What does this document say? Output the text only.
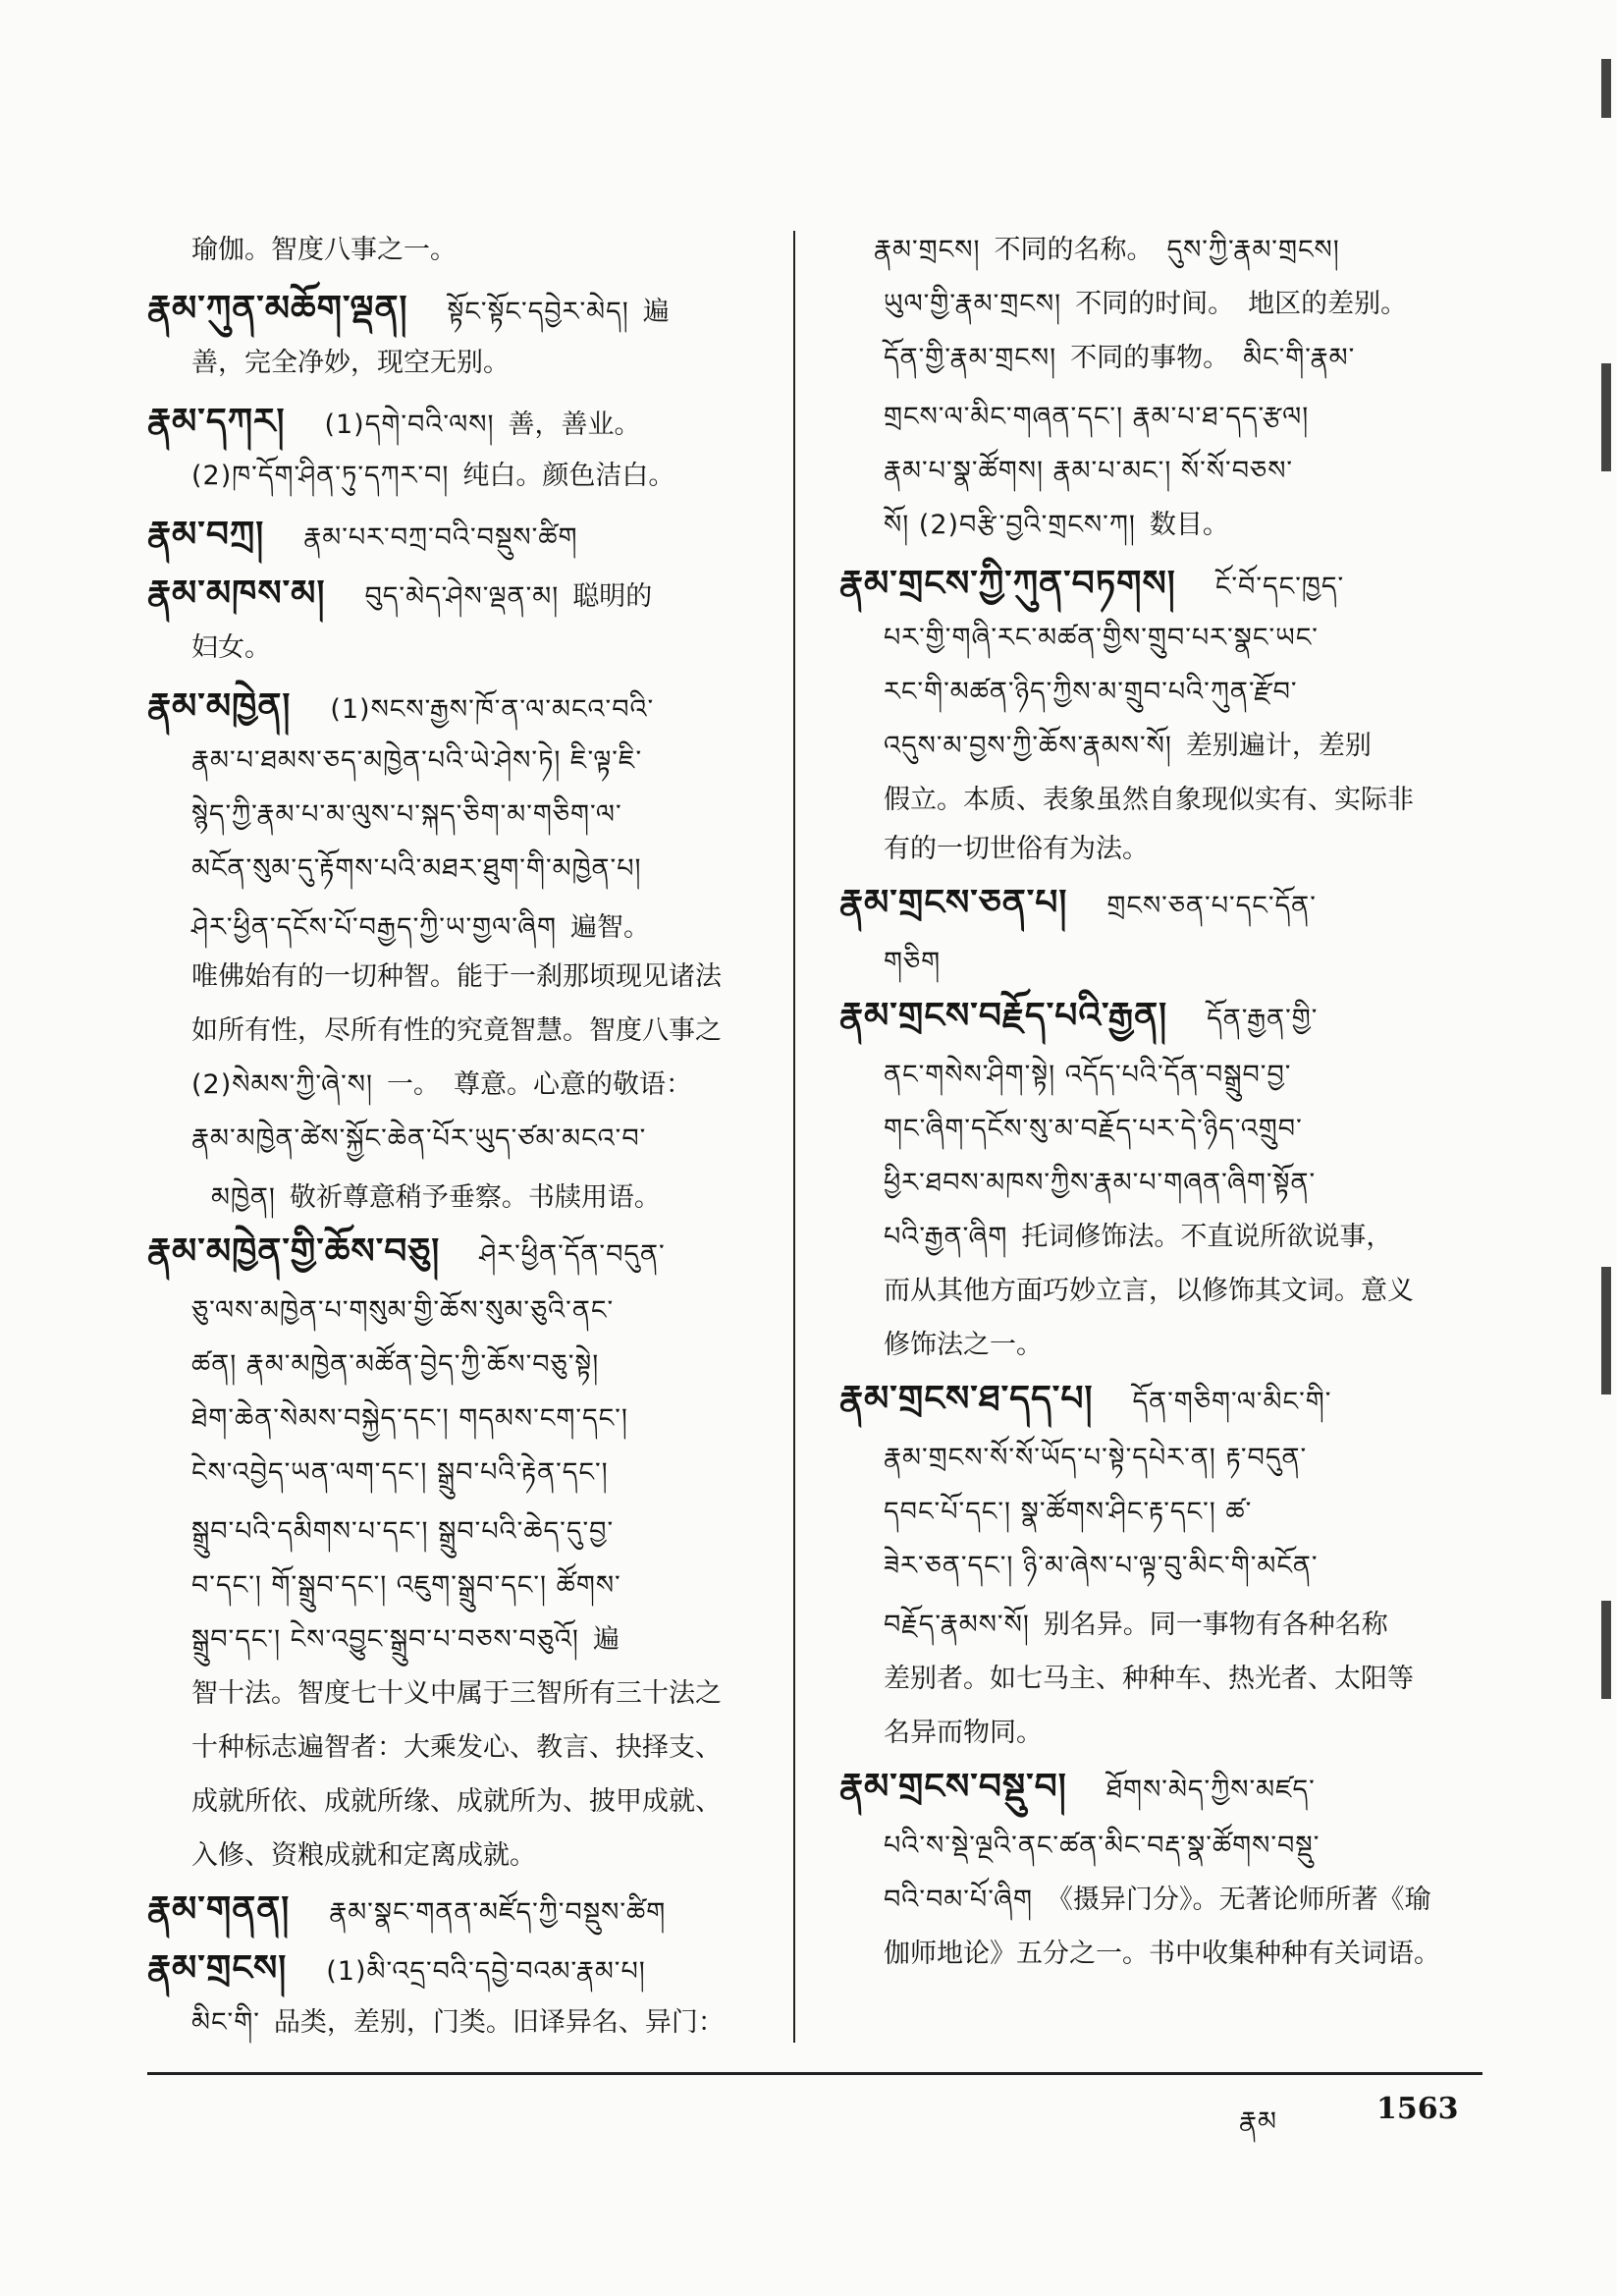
瑜伽。智度八事之一。
རྣམ་ཀུན་མཆོག་ལྡན། སྟོང་སྟོང་དབྱེར་མེད། 遍
善，完全净妙，现空无别。
རྣམ་དཀར། (1)དགེ་བའི་ལས། 善，善业。
(2)ཁ་དོག་ཤིན་ཏུ་དཀར་བ། 纯白。颜色洁白。
རྣམ་བཀྲ། རྣམ་པར་བཀྲ་བའི་བསྡུས་ཚིག
རྣམ་མཁས་མ། བུད་མེད་ཤེས་ལྡན་མ། 聪明的
妇女。
རྣམ་མཁྱེན། (1)སངས་རྒྱས་ཁོ་ན་ལ་མངའ་བའི་
རྣམ་པ་ཐམས་ཅད་མཁྱེན་པའི་ཡེ་ཤེས་ཏེ། ཇི་ལྟ་ཇི་
སྙེད་ཀྱི་རྣམ་པ་མ་ལུས་པ་སྐད་ཅིག་མ་གཅིག་ལ་
མངོན་སུམ་དུ་རྟོགས་པའི་མཐར་ཐུག་གི་མཁྱེན་པ།
ཤེར་ཕྱིན་དངོས་པོ་བརྒྱད་ཀྱི་ཡ་གྱལ་ཞིག 遍智。
唯佛始有的一切种智。能于一刹那顷现见诸法
如所有性，尽所有性的究竟智慧。智度八事之
(2)སེམས་ཀྱི་ཞེ་ས། 一。 尊意。心意的敬语：
རྣམ་མཁྱེན་ཚེས་སྐྱོང་ཆེན་པོར་ཡུད་ཙམ་མངའ་བ་
མཁྱེན། 敬祈尊意稍予垂察。书牍用语。
རྣམ་མཁྱེན་གྱི་ཆོས་བཅུ། ཤེར་ཕྱིན་དོན་བདུན་
ཅུ་ལས་མཁྱེན་པ་གསུམ་གྱི་ཆོས་སུམ་ཅུའི་ནང་
ཚན། རྣམ་མཁྱེན་མཚོན་བྱེད་ཀྱི་ཆོས་བཅུ་སྟེ།
ཐེག་ཆེན་སེམས་བསྐྱེད་དང་། གདམས་ངག་དང་།
ངེས་འབྱེད་ཡན་ལག་དང་། སྒྲུབ་པའི་རྟེན་དང་།
སྒྲུབ་པའི་དམིགས་པ་དང་། སྒྲུབ་པའི་ཆེད་དུ་བྱ་
བ་དང་། གོ་སྒྲུབ་དང་། འཇུག་སྒྲུབ་དང་། ཚོགས་
སྒྲུབ་དང་། ངེས་འབྱུང་སྒྲུབ་པ་བཅས་བཅུའོ། 遍
智十法。智度七十义中属于三智所有三十法之
十种标志遍智者：大乘发心、教言、抉择支、
成就所依、成就所缘、成就所为、披甲成就、
入修、资粮成就和定离成就。
རྣམ་གནན། རྣམ་སྣང་གནན་མཛོད་ཀྱི་བསྡུས་ཚིག
རྣམ་གྲངས། (1)མི་འདྲ་བའི་དབྱེ་བའམ་རྣམ་པ།
མིང་གི་ 品类，差别，门类。旧译异名、异门：
རྣམ་གྲངས། 不同的名称。 དུས་ཀྱི་རྣམ་གྲངས།
ཡུལ་གྱི་རྣམ་གྲངས། 不同的时间。 地区的差别。
དོན་གྱི་རྣམ་གྲངས། 不同的事物。 མིང་གི་རྣམ་
གྲངས་ལ་མིང་གཞན་དང་། རྣམ་པ་ཐ་དད་རྩལ།
རྣམ་པ་སྣ་ཚོགས། རྣམ་པ་མང་། སོ་སོ་བཅས་
སོ། (2)བརྩི་བྱའི་གྲངས་ཀ། 数目。
རྣམ་གྲངས་ཀྱི་ཀུན་བཏགས། ངོ་བོ་དང་ཁྱད་
པར་གྱི་གཞི་རང་མཚན་གྱིས་གྲུབ་པར་སྣང་ཡང་
རང་གི་མཚན་ཉིད་ཀྱིས་མ་གྲུབ་པའི་ཀུན་རྫོབ་
འདུས་མ་བྱས་ཀྱི་ཆོས་རྣམས་སོ། 差别遍计，差别
假立。本质、表象虽然自象现似实有、实际非
有的一切世俗有为法。
རྣམ་གྲངས་ཅན་པ། གྲངས་ཅན་པ་དང་དོན་
གཅིག
རྣམ་གྲངས་བརྗོད་པའི་རྒྱན། དོན་རྒྱན་གྱི་
ནང་གསེས་ཤིག་སྟེ། འདོད་པའི་དོན་བསྒྲུབ་བྱ་
གང་ཞིག་དངོས་སུ་མ་བརྗོད་པར་དེ་ཉིད་འགྲུབ་
ཕྱིར་ཐབས་མཁས་ཀྱིས་རྣམ་པ་གཞན་ཞིག་སྟོན་
པའི་རྒྱན་ཞིག 托词修饰法。不直说所欲说事，
而从其他方面巧妙立言，以修饰其文词。意义
修饰法之一。
རྣམ་གྲངས་ཐ་དད་པ། དོན་གཅིག་ལ་མིང་གི་
རྣམ་གྲངས་སོ་སོ་ཡོད་པ་སྟེ་དཔེར་ན། རྟ་བདུན་
དབང་པོ་དང་། སྣ་ཚོགས་ཤིང་རྟ་དང་། ཚ་
ཟེར་ཅན་དང་། ཉི་མ་ཞེས་པ་ལྟ་བུ་མིང་གི་མངོན་
བརྗོད་རྣམས་སོ། 别名异。同一事物有各种名称
差别者。如七马主、种种车、热光者、太阳等
名异而物同。
རྣམ་གྲངས་བསྡུ་བ། ཐོགས་མེད་ཀྱིས་མཛད་
པའི་ས་སྡེ་ལྔའི་ནང་ཚན་མིང་བརྡ་སྣ་ཚོགས་བསྡུ་
བའི་བམ་པོ་ཞིག 《摄异门分》。无著论师所著《瑜
伽师地论》五分之一。书中收集种种有关词语。
རྣམ	1563
